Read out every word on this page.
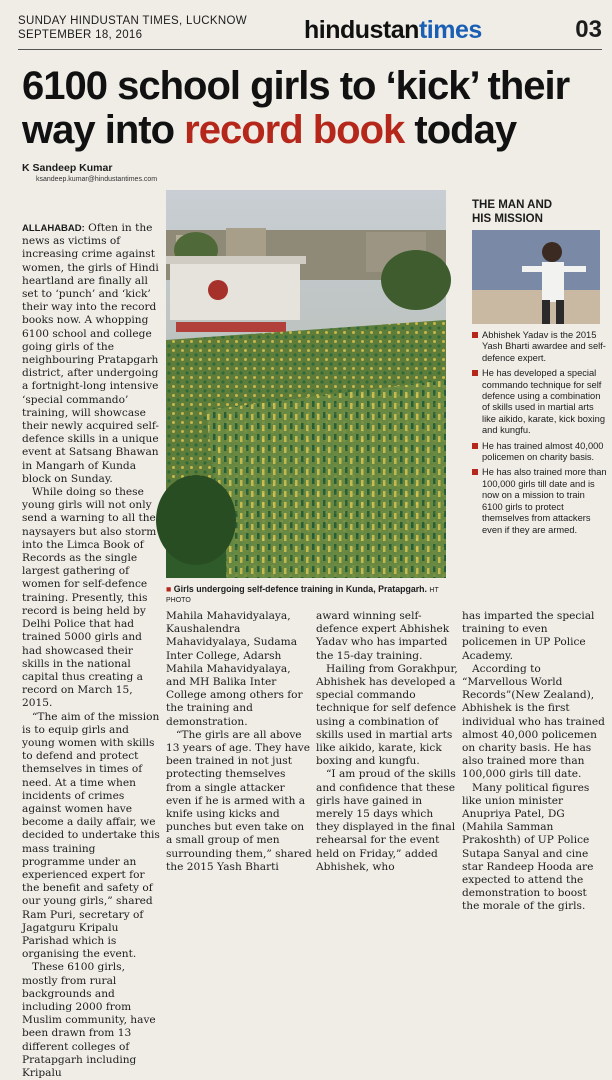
SUNDAY HINDUSTAN TIMES, LUCKNOW
SEPTEMBER 18, 2016	hindustantimes	03
6100 school girls to ‘kick’ their
way into record book today
K Sandeep Kumar
ksandeep.kumar@hindustantimes.com

ALLAHABAD: Often in the news as victims of increasing crime against women, the girls of Hindi heartland are finally all set to ‘punch’ and ‘kick’ their way into the record books now. A whopping 6100 school and college going girls of the neighbouring Pratapgarh district, after undergoing a fortnight-long intensive ‘special commando’ training, will showcase their newly acquired self-defence skills in a unique event at Satsang Bhawan in Mangarh of Kunda block on Sunday.

While doing so these young girls will not only send a warning to all the naysayers but also storm into the Limca Book of Records as the single largest gathering of women for self-defence training. Presently, this record is being held by Delhi Police that had trained 5000 girls and had showcased their skills in the national capital thus creating a record on March 15, 2015.

“The aim of the mission is to equip girls and young women with skills to defend and protect themselves in times of need. At a time when incidents of crimes against women have become a daily affair, we decided to undertake this mass training programme under an experienced expert for the benefit and safety of our young girls,” shared Ram Puri, secretary of Jagatguru Kripalu Parishad which is organising the event.

These 6100 girls, mostly from rural backgrounds and including 2000 from Muslim community, have been drawn from 13 different colleges of Pratapgarh including Kripalu

■ Girls undergoing self-defence training in Kunda, Pratapgarh. HT PHOTO
THE MAN AND
HIS MISSION
Abhishek Yadav is the 2015 Yash Bharti awardee and self-defence expert.
He has developed a special commando technique for self defence using a combination of skills used in martial arts like aikido, karate, kick boxing and kungfu.
He has trained almost 40,000 policemen on charity basis.
He has also trained more than 100,000 girls till date and is now on a mission to train 6100 girls to protect themselves from attackers even if they are armed.

Mahila Mahavidyalaya, Kaushalendra Mahavidyalaya, Sudama Inter College, Adarsh Mahila Mahavidyalaya, and MH Balika Inter College among others for the training and demonstration.

“The girls are all above 13 years of age. They have been trained in not just protecting themselves from a single attacker even if he is armed with a knife using kicks and punches but even take on a small group of men surrounding them,” shared the 2015 Yash Bharti

award winning self-defence expert Abhishek Yadav who has imparted the 15-day training.

Hailing from Gorakhpur, Abhishek has developed a special commando technique for self defence using a combination of skills used in martial arts like aikido, karate, kick boxing and kungfu.

“I am proud of the skills and confidence that these girls have gained in merely 15 days which they displayed in the final rehearsal for the event held on Friday,” added Abhishek, who

has imparted the special training to even policemen in UP Police Academy.

According to “Marvellous World Records”(New Zealand), Abhishek is the first individual who has trained almost 40,000 policemen on charity basis. He has also trained more than 100,000 girls till date.

Many political figures like union minister Anupriya Patel, DG (Mahila Samman Prakoshth) of UP Police Sutapa Sanyal and cine star Randeep Hooda are expected to attend the demonstration to boost the morale of the girls.
